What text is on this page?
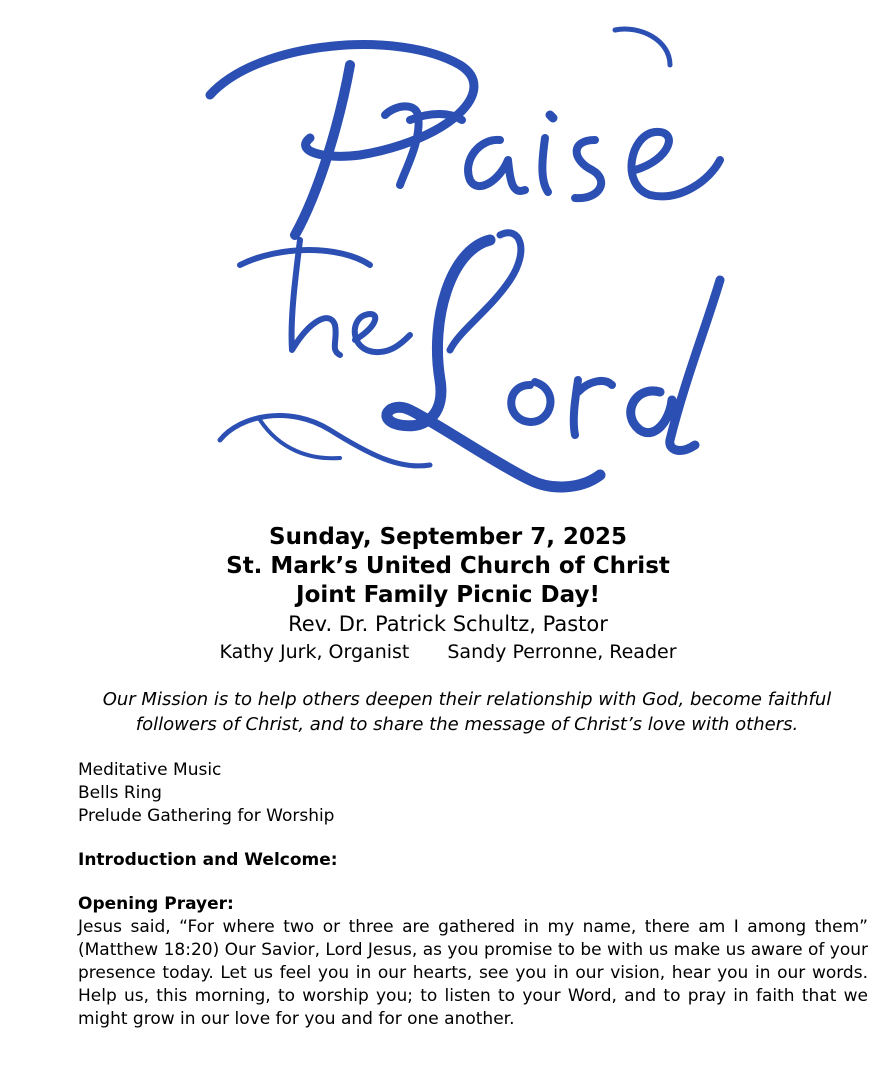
Sunday, September 7, 2025
St. Mark’s United Church of Christ
Joint Family Picnic Day!
Rev. Dr. Patrick Schultz, Pastor
Kathy Jurk, Organist Sandy Perronne, Reader
Our Mission is to help others deepen their relationship with God, become faithful followers of Christ, and to share the message of Christ’s love with others.

Meditative Music

Bells Ring

Prelude Gathering for Worship

Introduction and Welcome:

Opening Prayer:

Jesus said, “For where two or three are gathered in my name, there am I among them” (Matthew 18:20) Our Savior, Lord Jesus, as you promise to be with us make us aware of your presence today. Let us feel you in our hearts, see you in our vision, hear you in our words. Help us, this morning, to worship you; to listen to your Word, and to pray in faith that we might grow in our love for you and for one another.
